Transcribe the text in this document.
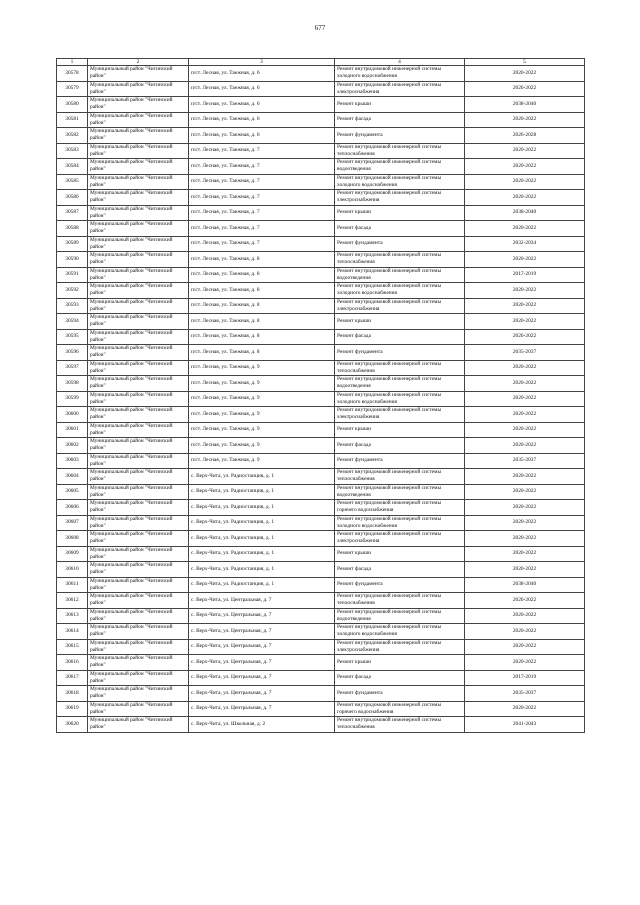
677
1	2	3	4	5
30578	Муниципальный район "Читинский район"	п/ст. Лесная, ул. Таежная, д. 6	Ремонт внутридомовой инженерной системы холодного водоснабжения	2020-2022
30579	Муниципальный район "Читинский район"	п/ст. Лесная, ул. Таежная, д. 6	Ремонт внутридомовой инженерной системы электроснабжения	2020-2022
30580	Муниципальный район "Читинский район"	п/ст. Лесная, ул. Таежная, д. 6	Ремонт крыши	2038-2040
30581	Муниципальный район "Читинский район"	п/ст. Лесная, ул. Таежная, д. 6	Ремонт фасада	2020-2022
30582	Муниципальный район "Читинский район"	п/ст. Лесная, ул. Таежная, д. 6	Ремонт фундамента	2026-2028
30583	Муниципальный район "Читинский район"	п/ст. Лесная, ул. Таежная, д. 7	Ремонт внутридомовой инженерной системы теплоснабжения	2020-2022
30584	Муниципальный район "Читинский район"	п/ст. Лесная, ул. Таежная, д. 7	Ремонт внутридомовой инженерной системы водоотведения	2020-2022
30585	Муниципальный район "Читинский район"	п/ст. Лесная, ул. Таежная, д. 7	Ремонт внутридомовой инженерной системы холодного водоснабжения	2020-2022
30586	Муниципальный район "Читинский район"	п/ст. Лесная, ул. Таежная, д. 7	Ремонт внутридомовой инженерной системы электроснабжения	2020-2022
30587	Муниципальный район "Читинский район"	п/ст. Лесная, ул. Таежная, д. 7	Ремонт крыши	2038-2040
30588	Муниципальный район "Читинский район"	п/ст. Лесная, ул. Таежная, д. 7	Ремонт фасада	2020-2022
30589	Муниципальный район "Читинский район"	п/ст. Лесная, ул. Таежная, д. 7	Ремонт фундамента	2032-2034
30590	Муниципальный район "Читинский район"	п/ст. Лесная, ул. Таежная, д. 8	Ремонт внутридомовой инженерной системы теплоснабжения	2020-2022
30591	Муниципальный район "Читинский район"	п/ст. Лесная, ул. Таежная, д. 8	Ремонт внутридомовой инженерной системы водоотведения	2017-2019
30592	Муниципальный район "Читинский район"	п/ст. Лесная, ул. Таежная, д. 8	Ремонт внутридомовой инженерной системы холодного водоснабжения	2020-2022
30593	Муниципальный район "Читинский район"	п/ст. Лесная, ул. Таежная, д. 8	Ремонт внутридомовой инженерной системы электроснабжения	2020-2022
30594	Муниципальный район "Читинский район"	п/ст. Лесная, ул. Таежная, д. 8	Ремонт крыши	2020-2022
30595	Муниципальный район "Читинский район"	п/ст. Лесная, ул. Таежная, д. 8	Ремонт фасада	2020-2022
30596	Муниципальный район "Читинский район"	п/ст. Лесная, ул. Таежная, д. 8	Ремонт фундамента	2035-2037
30597	Муниципальный район "Читинский район"	п/ст. Лесная, ул. Таежная, д. 9	Ремонт внутридомовой инженерной системы теплоснабжения	2020-2022
30598	Муниципальный район "Читинский район"	п/ст. Лесная, ул. Таежная, д. 9	Ремонт внутридомовой инженерной системы водоотведения	2020-2022
30599	Муниципальный район "Читинский район"	п/ст. Лесная, ул. Таежная, д. 9	Ремонт внутридомовой инженерной системы холодного водоснабжения	2020-2022
30600	Муниципальный район "Читинский район"	п/ст. Лесная, ул. Таежная, д. 9	Ремонт внутридомовой инженерной системы электроснабжения	2020-2022
30601	Муниципальный район "Читинский район"	п/ст. Лесная, ул. Таежная, д. 9	Ремонт крыши	2020-2022
30602	Муниципальный район "Читинский район"	п/ст. Лесная, ул. Таежная, д. 9	Ремонт фасада	2020-2022
30603	Муниципальный район "Читинский район"	п/ст. Лесная, ул. Таежная, д. 9	Ремонт фундамента	2035-2037
30604	Муниципальный район "Читинский район"	с. Верх-Чита, ул. Радиостанция, д. 1	Ремонт внутридомовой инженерной системы теплоснабжения	2020-2022
30605	Муниципальный район "Читинский район"	с. Верх-Чита, ул. Радиостанция, д. 1	Ремонт внутридомовой инженерной системы водоотведения	2020-2022
30606	Муниципальный район "Читинский район"	с. Верх-Чита, ул. Радиостанция, д. 1	Ремонт внутридомовой инженерной системы горячего водоснабжения	2020-2022
30607	Муниципальный район "Читинский район"	с. Верх-Чита, ул. Радиостанция, д. 1	Ремонт внутридомовой инженерной системы холодного водоснабжения	2020-2022
30608	Муниципальный район "Читинский район"	с. Верх-Чита, ул. Радиостанция, д. 1	Ремонт внутридомовой инженерной системы электроснабжения	2020-2022
30609	Муниципальный район "Читинский район"	с. Верх-Чита, ул. Радиостанция, д. 1	Ремонт крыши	2020-2022
30610	Муниципальный район "Читинский район"	с. Верх-Чита, ул. Радиостанция, д. 1	Ремонт фасада	2020-2022
30611	Муниципальный район "Читинский район"	с. Верх-Чита, ул. Радиостанция, д. 1	Ремонт фундамента	2038-2040
30612	Муниципальный район "Читинский район"	с. Верх-Чита, ул. Центральная, д. 7	Ремонт внутридомовой инженерной системы теплоснабжения	2020-2022
30613	Муниципальный район "Читинский район"	с. Верх-Чита, ул. Центральная, д. 7	Ремонт внутридомовой инженерной системы водоотведения	2020-2022
30614	Муниципальный район "Читинский район"	с. Верх-Чита, ул. Центральная, д. 7	Ремонт внутридомовой инженерной системы холодного водоснабжения	2020-2022
30615	Муниципальный район "Читинский район"	с. Верх-Чита, ул. Центральная, д. 7	Ремонт внутридомовой инженерной системы электроснабжения	2020-2022
30616	Муниципальный район "Читинский район"	с. Верх-Чита, ул. Центральная, д. 7	Ремонт крыши	2020-2022
30617	Муниципальный район "Читинский район"	с. Верх-Чита, ул. Центральная, д. 7	Ремонт фасада	2017-2019
30618	Муниципальный район "Читинский район"	с. Верх-Чита, ул. Центральная, д. 7	Ремонт фундамента	2035-2037
30619	Муниципальный район "Читинский район"	с. Верх-Чита, ул. Центральная, д. 7	Ремонт внутридомовой инженерной системы горячего водоснабжения	2020-2022
30620	Муниципальный район "Читинский район"	с. Верх-Чита, ул. Школьная, д. 2	Ремонт внутридомовой инженерной системы теплоснабжения	2041-2043
